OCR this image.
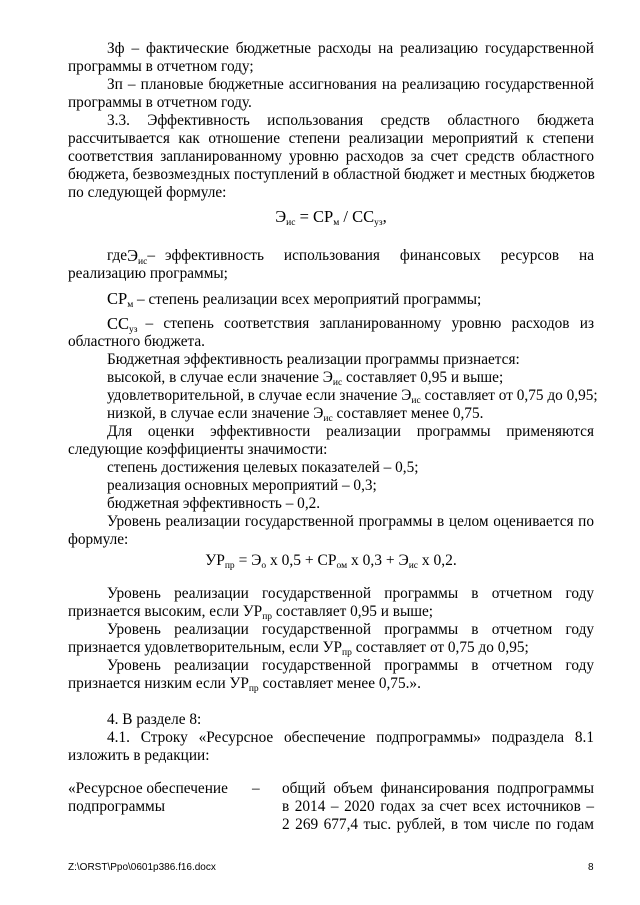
Зф – фактические бюджетные расходы на реализацию государственной
программы в отчетном году;
Зп – плановые бюджетные ассигнования на реализацию государственной
программы в отчетном году.
3.3. Эффективность использования средств областного бюджета
рассчитывается как отношение степени реализации мероприятий к степени
соответствия запланированному уровню расходов за счет средств областного
бюджета, безвозмездных поступлений в областной бюджет и местных бюджетов
по следующей формуле:
$Э_{ис} = СР_м / СС_{уз}$,
где $Э_{ис}$ – эффективность использования финансовых ресурсов на
реализацию программы;
$СР_м$ – степень реализации всех мероприятий программы;
$СС_{уз}$ – степень соответствия запланированному уровню расходов из
областного бюджета.
Бюджетная эффективность реализации программы признается:
высокой, в случае если значение $Э_{ис}$ составляет 0,95 и выше;
удовлетворительной, в случае если значение $Э_{ис}$ составляет от 0,75 до 0,95;
низкой, в случае если значение $Э_{ис}$ составляет менее 0,75.
Для оценки эффективности реализации программы применяются
следующие коэффициенты значимости:
степень достижения целевых показателей – 0,5;
реализация основных мероприятий – 0,3;
бюджетная эффективность – 0,2.
Уровень реализации государственной программы в целом оценивается по
формуле:
$УР_{пр} = Э_о$ х $0,5 + СР_{ом}$ х $0,3 + Э_{ис}$ х 0,2.
Уровень реализации государственной программы в отчетном году
признается высоким, если $УР_{пр}$ составляет 0,95 и выше;
Уровень реализации государственной программы в отчетном году
признается удовлетворительным, если $УР_{пр}$ составляет от 0,75 до 0,95;
Уровень реализации государственной программы в отчетном году
признается низким если $УР_{пр}$ составляет менее 0,75.».
4. В разделе 8:
4.1. Строку «Ресурсное обеспечение подпрограммы» подраздела 8.1
изложить в редакции:
«Ресурсное обеспечение
подпрограммы
– общий объем финансирования подпрограммы
в 2014 – 2020 годах за счет всех источников –
2 269 677,4 тыс. рублей, в том числе по годам
Z:\ORST\Ppo\0601p386.f16.docx	8
